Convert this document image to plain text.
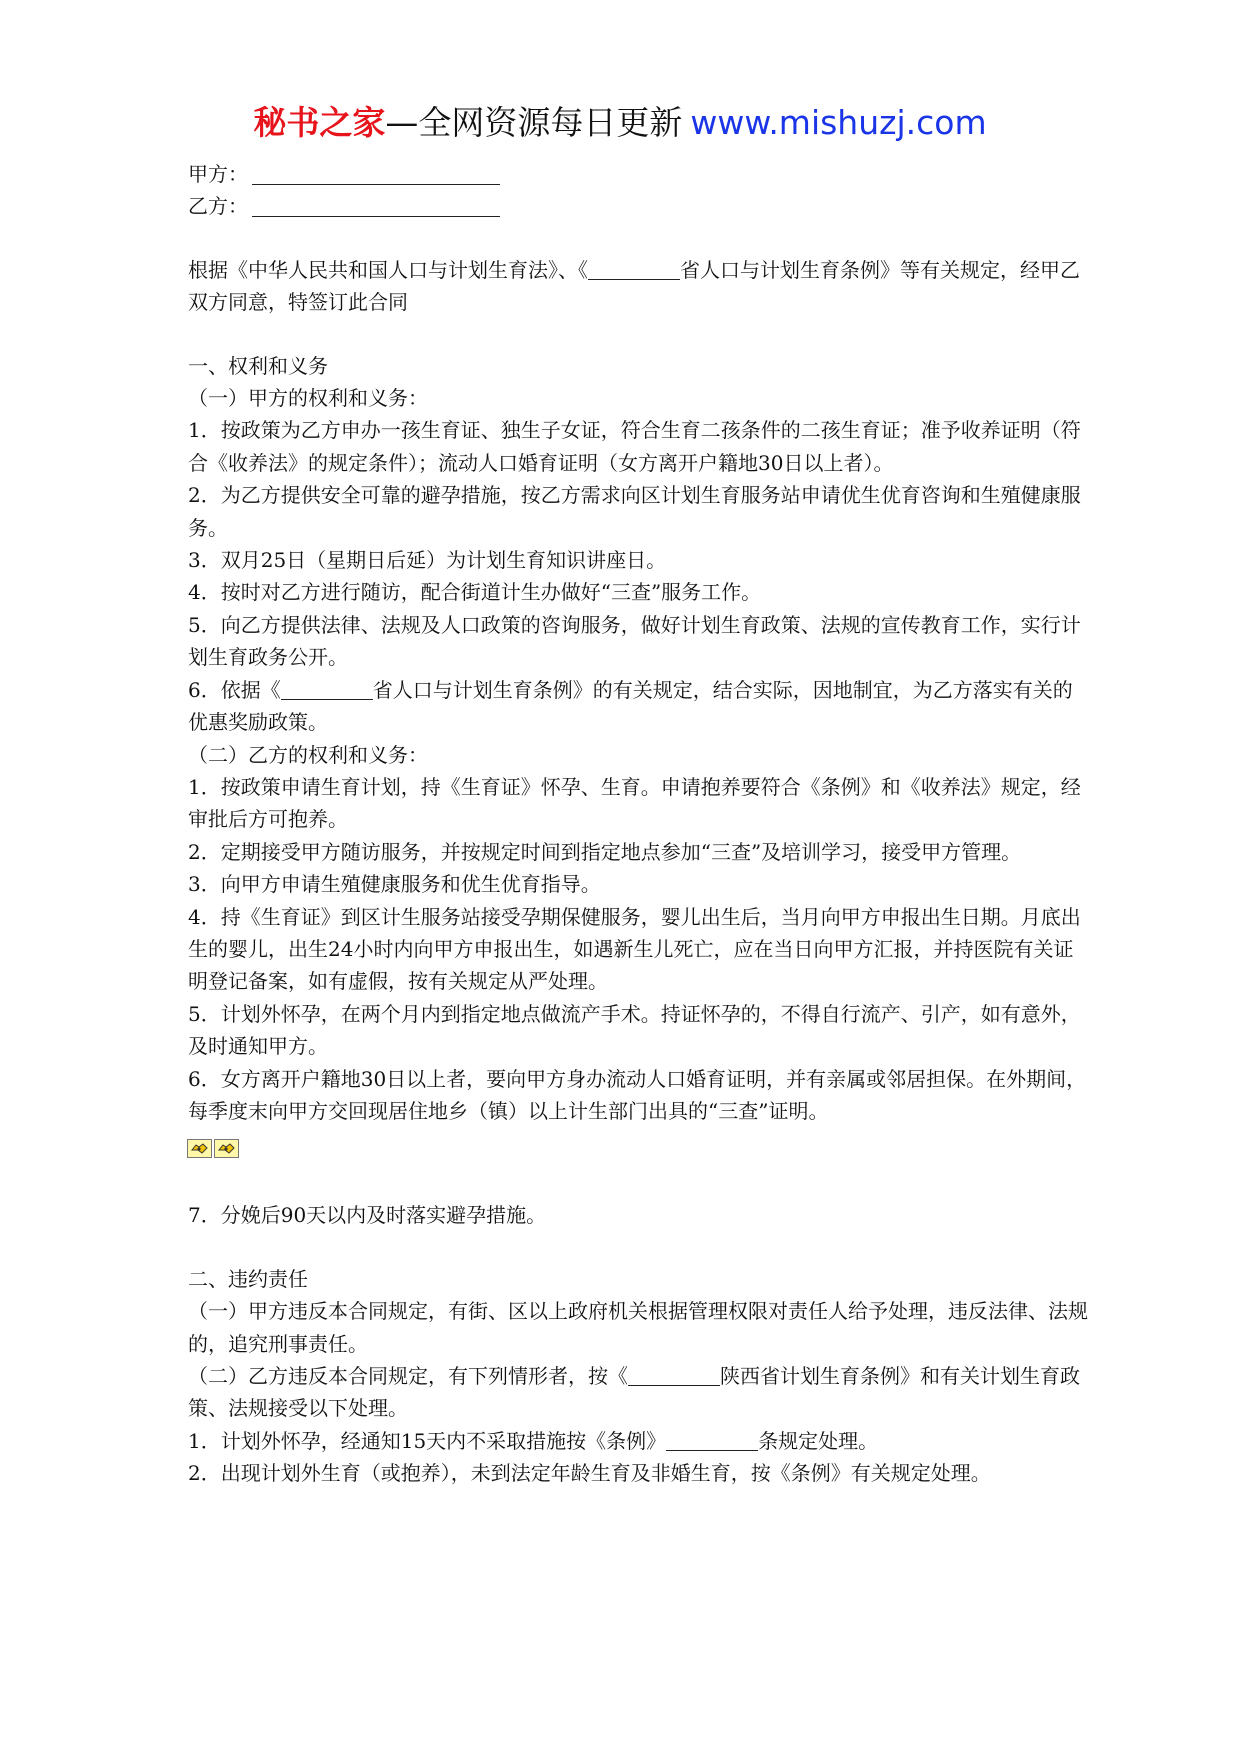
秘书之家—全网资源每日更新 www.mishuzj.com

甲方：

乙方：

根据《中华人民共和国人口与计划生育法》、《	省人口与计划生育条例》等有关规定，经甲乙双方同意，特签订此合同

一、权利和义务

（一）甲方的权利和义务：

1．按政策为乙方申办一孩生育证、独生子女证，符合生育二孩条件的二孩生育证；准予收养证明（符合《收养法》的规定条件）；流动人口婚育证明（女方离开户籍地30日以上者）。

2．为乙方提供安全可靠的避孕措施，按乙方需求向区计划生育服务站申请优生优育咨询和生殖健康服务。

3．双月25日（星期日后延）为计划生育知识讲座日。

4．按时对乙方进行随访，配合街道计生办做好“三查”服务工作。

5．向乙方提供法律、法规及人口政策的咨询服务，做好计划生育政策、法规的宣传教育工作，实行计划生育政务公开。

6．依据《	省人口与计划生育条例》的有关规定，结合实际，因地制宜，为乙方落实有关的优惠奖励政策。

（二）乙方的权利和义务：

1．按政策申请生育计划，持《生育证》怀孕、生育。申请抱养要符合《条例》和《收养法》规定，经审批后方可抱养。

2．定期接受甲方随访服务，并按规定时间到指定地点参加“三查”及培训学习，接受甲方管理。

3．向甲方申请生殖健康服务和优生优育指导。

4．持《生育证》到区计生服务站接受孕期保健服务，婴儿出生后，当月向甲方申报出生日期。月底出生的婴儿，出生24小时内向甲方申报出生，如遇新生儿死亡，应在当日向甲方汇报，并持医院有关证明登记备案，如有虚假，按有关规定从严处理。

5．计划外怀孕，在两个月内到指定地点做流产手术。持证怀孕的，不得自行流产、引产，如有意外，及时通知甲方。

6．女方离开户籍地30日以上者，要向甲方身办流动人口婚育证明，并有亲属或邻居担保。在外期间，每季度末向甲方交回现居住地乡（镇）以上计生部门出具的“三查”证明。

7．分娩后90天以内及时落实避孕措施。

二、违约责任

（一）甲方违反本合同规定，有街、区以上政府机关根据管理权限对责任人给予处理，违反法律、法规的，追究刑事责任。

（二）乙方违反本合同规定，有下列情形者，按《	陕西省计划生育条例》和有关计划生育政策、法规接受以下处理。

1．计划外怀孕，经通知15天内不采取措施按《条例》	条规定处理。

2．出现计划外生育（或抱养），未到法定年龄生育及非婚生育，按《条例》有关规定处理。
